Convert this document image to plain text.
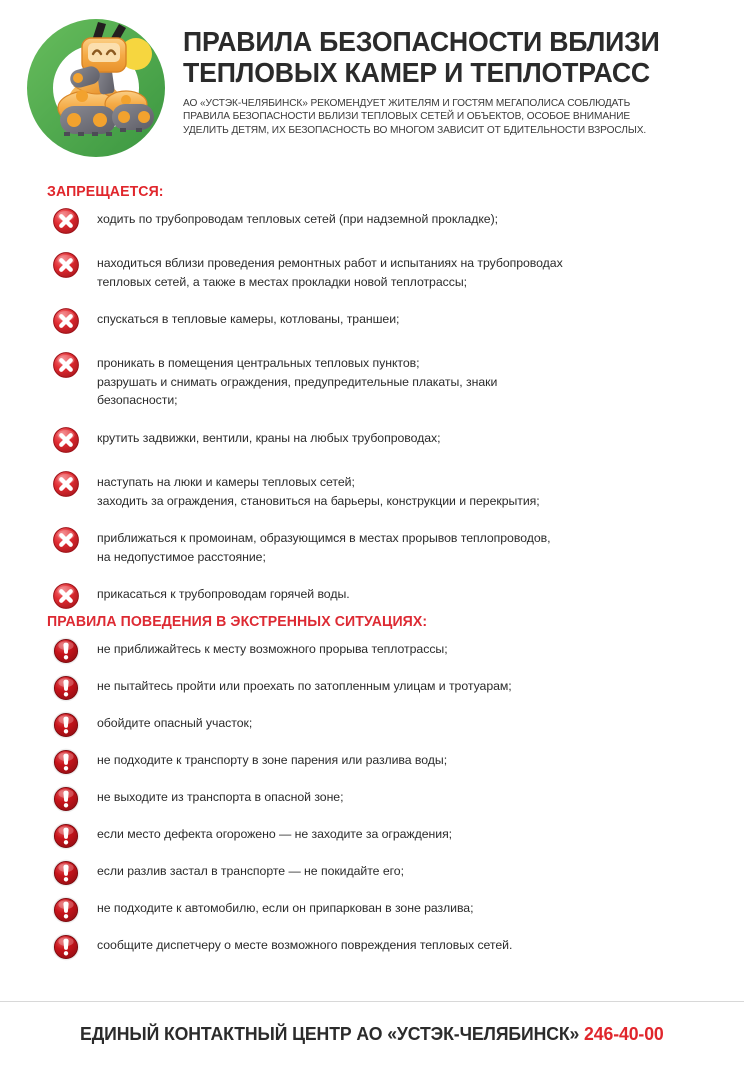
ПРАВИЛА БЕЗОПАСНОСТИ ВБЛИЗИ
ТЕПЛОВЫХ КАМЕР И ТЕПЛОТРАСС
АО «УСТЭК-ЧЕЛЯБИНСК» РЕКОМЕНДУЕТ ЖИТЕЛЯМ И ГОСТЯМ МЕГАПОЛИСА СОБЛЮДАТЬ
ПРАВИЛА БЕЗОПАСНОСТИ ВБЛИЗИ ТЕПЛОВЫХ СЕТЕЙ И ОБЪЕКТОВ, ОСОБОЕ ВНИМАНИЕ
УДЕЛИТЬ ДЕТЯМ, ИХ БЕЗОПАСНОСТЬ ВО МНОГОМ ЗАВИСИТ ОТ БДИТЕЛЬНОСТИ ВЗРОСЛЫХ.
ЗАПРЕЩАЕТСЯ:
ходить по трубопроводам тепловых сетей (при надземной прокладке);
находиться вблизи проведения ремонтных работ и испытаниях на трубопроводах
тепловых сетей, а также в местах прокладки новой теплотрассы;
спускаться в тепловые камеры, котлованы, траншеи;
проникать в помещения центральных тепловых пунктов;
разрушать и снимать ограждения, предупредительные плакаты, знаки
безопасности;
крутить задвижки, вентили, краны на любых трубопроводах;
наступать на люки и камеры тепловых сетей;
заходить за ограждения, становиться на барьеры, конструкции и перекрытия;
приближаться к промоинам, образующимся в местах прорывов теплопроводов,
на недопустимое расстояние;
прикасаться к трубопроводам горячей воды.
ПРАВИЛА ПОВЕДЕНИЯ В ЭКСТРЕННЫХ СИТУАЦИЯХ:
не приближайтесь к месту возможного прорыва теплотрассы;
не пытайтесь пройти или проехать по затопленным улицам и тротуарам;
обойдите опасный участок;
не подходите к транспорту в зоне парения или разлива воды;
не выходите из транспорта в опасной зоне;
если место дефекта огорожено — не заходите за ограждения;
если разлив застал в транспорте — не покидайте его;
не подходите к автомобилю, если он припаркован в зоне разлива;
сообщите диспетчеру о месте возможного повреждения тепловых сетей.
ЕДИНЫЙ КОНТАКТНЫЙ ЦЕНТР АО «УСТЭК-ЧЕЛЯБИНСК» 246-40-00
